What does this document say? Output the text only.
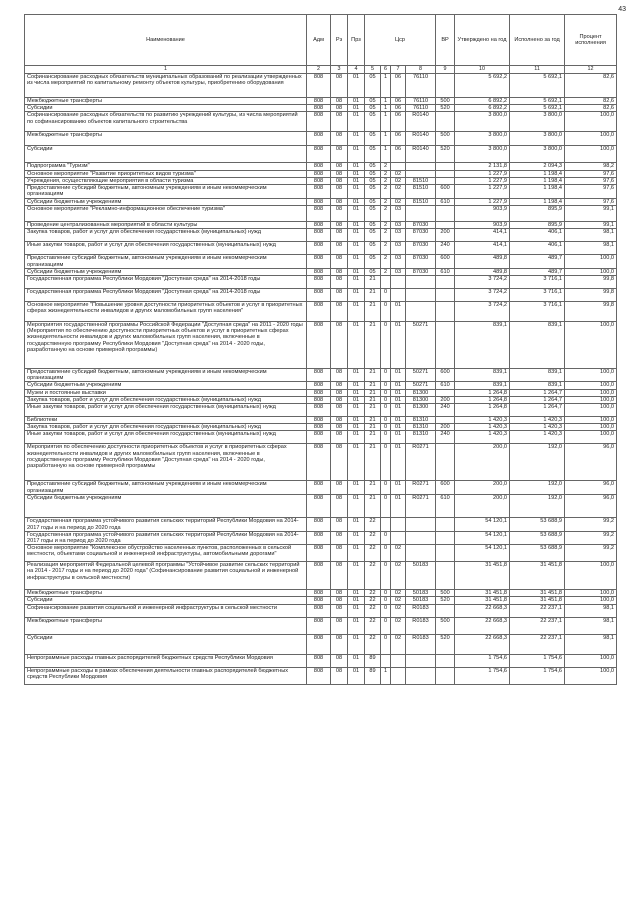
43
Наименование	Адм	Рз	Прз	Цср				ВР	Утверждено на год	Исполнено за год	Процент исполнения
1	2	3	4	5	6	7	8	9	10	11	12
Софинансирование расходных обязательств муниципальных образований по реализации утвержденных из числа мероприятий по капитальному ремонту объектов культуры, приобретению оборудования	808	08	01	05	1	06	76110		5 692,2	5 692,1	82,6
Межбюджетные трансферты	808	08	01	05	1	06	76110	500	6 892,2	5 692,1	82,6
Субсидии	808	08	01	05	1	06	76110	520	6 892,2	5 692,1	82,6
Софинансирование расходных обязательств по развитию учреждений культуры, из числа мероприятий по софинансированию объектов капитального строительства	808	08	01	05	1	06	R0140		3 800,0	3 800,0	100,0
Межбюджетные трансферты	808	08	01	05	1	06	R0140	500	3 800,0	3 800,0	100,0
Субсидии	808	08	01	05	1	06	R0140	520	3 800,0	3 800,0	100,0
Подпрограмма "Туризм"	808	08	01	05	2				2 131,8	2 094,3	98,2
Основное мероприятие "Развитие приоритетных видов туризма"	808	08	01	05	2	02			1 227,9	1 198,4	97,6
Учреждения, осуществляющие мероприятия в области туризма	808	08	01	05	2	02	81510		1 227,9	1 198,4	97,6
Предоставление субсидий бюджетным, автономным учреждениям и иным некоммерческим организациям	808	08	01	05	2	02	81510	600	1 227,9	1 198,4	97,6
Субсидии бюджетным учреждениям	808	08	01	05	2	02	81510	610	1 227,9	1 198,4	97,6
Основное мероприятие "Рекламно-информационное обеспечение туризма"	808	08	01	05	2	03			903,9	895,9	99,1
Проведение централизованных мероприятий в области культуры	808	08	01	05	2	03	87030		903,9	895,9	99,1
Закупка товаров, работ и услуг для обеспечения государственных (муниципальных) нужд	808	08	01	05	2	03	87030	200	414,1	406,1	98,1
Иные закупки товаров, работ и услуг для обеспечения государственных (муниципальных) нужд	808	08	01	05	2	03	87030	240	414,1	406,1	98,1
Предоставление субсидий бюджетным, автономным учреждениям и иным некоммерческим организациям	808	08	01	05	2	03	87030	600	489,8	489,7	100,0
Субсидии бюджетным учреждениям	808	08	01	05	2	03	87030	610	489,8	489,7	100,0
Государственная программа Республики Мордовия "Доступная среда" на 2014-2018 годы	808	08	01	21					3 724,2	3 716,1	99,8
Государственная программа Республики Мордовия "Доступная среда" на 2014-2018 годы	808	08	01	21	0				3 724,2	3 716,1	99,8
Основное мероприятие "Повышение уровня доступности приоритетных объектов и услуг в приоритетных сферах жизнедеятельности инвалидов и других маломобильных групп населения"	808	08	01	21	0	01			3 724,2	3 716,1	99,8
Мероприятия государственной программы Российской Федерации "Доступная среда" на 2011 - 2020 годы (Мероприятия по обеспечению доступности приоритетных объектов и услуг в приоритетных сферах жизнедеятельности инвалидов и других маломобильных групп населения, включенные в государственную программу Республики Мордовия "Доступная среда" на 2014 - 2020 годы, разработанную на основе примерной программы)	808	08	01	21	0	01	50271		839,1	839,1	100,0
Предоставление субсидий бюджетным, автономным учреждениям и иным некоммерческим организациям	808	08	01	21	0	01	50271	600	839,1	839,1	100,0
Субсидии бюджетным учреждениям	808	08	01	21	0	01	50271	610	839,1	839,1	100,0
Музеи и постоянные выставки	808	08	01	21	0	01	81300		1 264,8	1 264,7	100,0
Закупка товаров, работ и услуг для обеспечения государственных (муниципальных) нужд	808	08	01	21	0	01	81300	200	1 264,8	1 264,7	100,0
Иные закупки товаров, работ и услуг для обеспечения государственных (муниципальных) нужд	808	08	01	21	0	01	81300	240	1 264,8	1 264,7	100,0
Библиотеки	808	08	01	21	0	01	81310		1 420,3	1 420,3	100,0
Закупка товаров, работ и услуг для обеспечения государственных (муниципальных) нужд	808	08	01	21	0	01	81310	200	1 420,3	1 420,3	100,0
Иные закупки товаров, работ и услуг для обеспечения государственных (муниципальных) нужд	808	08	01	21	0	01	81310	240	1 420,3	1 420,3	100,0
Мероприятия по обеспечению доступности приоритетных объектов и услуг в приоритетных сферах жизнедеятельности инвалидов и других маломобильных групп населения, включенные в государственную программу Республики Мордовия "Доступная среда" на 2014 - 2020 годы, разработанную на основе примерной программы	808	08	01	21	0	01	R0271		200,0	192,0	96,0
Предоставление субсидий бюджетным, автономным учреждениям и иным некоммерческим организациям	808	08	01	21	0	01	R0271	600	200,0	192,0	96,0
Субсидии бюджетным учреждениям	808	08	01	21	0	01	R0271	610	200,0	192,0	96,0
Государственная программа устойчивого развития сельских территорий Республики Мордовия на 2014-2017 годы и на период до 2020 года	808	08	01	22					54 120,1	53 688,9	99,2
Государственная программа устойчивого развития сельских территорий Республики Мордовия на 2014-2017 годы и на период до 2020 года	808	08	01	22	0				54 120,1	53 688,9	99,2
Основное мероприятие "Комплексное обустройство населенных пунктов, расположенных в сельской местности, объектами социальной и инженерной инфраструктуры, автомобильными дорогами"	808	08	01	22	0	02			54 120,1	53 688,9	99,2
Реализация мероприятий Федеральной целевой программы "Устойчивое развитие сельских территорий на 2014 - 2017 годы и на период до 2020 года" (Софинансирование развития социальной и инженерной инфраструктуры в сельской местности)	808	08	01	22	0	02	50183		31 451,8	31 451,8	100,0
Межбюджетные трансферты	808	08	01	22	0	02	50183	500	31 451,8	31 451,8	100,0
Субсидии	808	08	01	22	0	02	50183	520	31 451,8	31 451,8	100,0
Софинансирование развития социальной и инженерной инфраструктуры в сельской местности	808	08	01	22	0	02	R0183		22 668,3	22 237,1	98,1
Межбюджетные трансферты	808	08	01	22	0	02	R0183	500	22 668,3	22 237,1	98,1
Субсидии	808	08	01	22	0	02	R0183	520	22 668,3	22 237,1	98,1
Непрограммные расходы главных распорядителей бюджетных средств Республики Мордовия	808	08	01	89					1 754,6	1 754,6	100,0
Непрограммные расходы в рамках обеспечения деятельности главных распорядителей бюджетных средств Республики Мордовия	808	08	01	89	1				1 754,6	1 754,6	100,0
